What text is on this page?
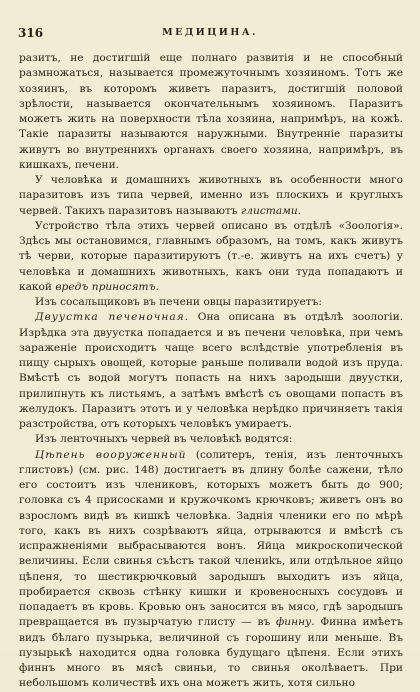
316	МЕДИЦИНА.

разитъ, не достигшій еще полнаго развитія и не способный размножаться, называется промежуточнымъ хозяиномъ. Тотъ же хозяинъ, въ которомъ живетъ паразитъ, достигшій половой зрѣлости, называется окончательнымъ хозяиномъ. Паразитъ можетъ жить на поверхности тѣла хозяина, напримѣръ, на кожѣ. Такіе паразиты называются наружными. Внутренніе паразиты живутъ во внутреннихъ органахъ своего хозяина, напримѣръ, въ кишкахъ, печени.

У человѣка и домашнихъ животныхъ въ особенности много паразитовъ изъ типа червей, именно изъ плоскихъ и круглыхъ червей. Такихъ паразитовъ называютъ глистами.

Устройство тѣла этихъ червей описано въ отдѣлѣ «Зоологія». Здѣсь мы остановимся, главнымъ образомъ, на томъ, какъ живутъ тѣ черви, которые паразитируютъ (т.-е. живутъ на ихъ счетъ) у человѣка и домашнихъ животныхъ, какъ они туда попадаютъ и какой вредъ приносятъ.

Изъ сосальщиковъ въ печени овцы паразитируетъ:

Двуустка печеночная. Она описана въ отдѣлѣ зоологіи. Изрѣдка эта двуустка попадается и въ печени человѣка, при чемъ зараженіе происходитъ чаще всего вслѣдствіе употребленія въ пищу сырыхъ овощей, которые раньше поливали водой изъ пруда. Вмѣстѣ съ водой могутъ попасть на нихъ зародыши двуустки, прилипнуть къ листьямъ, а затѣмъ вмѣстѣ съ овощами попасть въ желудокъ. Паразитъ этотъ и у человѣка нерѣдко причиняетъ такія разстройства, отъ которыхъ человѣкъ умираетъ.

Изъ ленточныхъ червей въ человѣкѣ водятся:

Цѣпень вооруженный (солитеръ, тенія, изъ ленточныхъ глистовъ) (см. рис. 148) достигаетъ въ длину болѣе сажени, тѣло его состоитъ изъ члениковъ, которыхъ можетъ быть до 900; головка съ 4 присосками и кружочкомъ крючковъ; живетъ онъ во взросломъ видѣ въ кишкѣ человѣка. Заднія членики его по мѣрѣ того, какъ въ нихъ созрѣваютъ яйца, отрываются и вмѣстѣ съ испражненіями выбрасываются вонъ. Яйца микроскопической величины. Если свинья съѣстъ такой члениkъ, или отдѣльное яйцо цѣпеня, то шестикрючковый зародышъ выходитъ изъ яйца, пробирается сквозь стѣнку кишки и кровеносныхъ сосудовъ и попадаетъ въ кровь. Кровью онъ заносится въ мясо, гдѣ зародышъ превращается въ пузырчатую глисту — въ финну. Финна имѣетъ видъ бѣлаго пузырька, величиной съ горошину или меньше. Въ пузырькѣ находится одна головка будущаго цѣпеня. Если этихъ финнъ много въ мясѣ свиньи, то свинья околѣваетъ. При небольшомъ количествѣ ихъ она можетъ жить, хотя сильно
